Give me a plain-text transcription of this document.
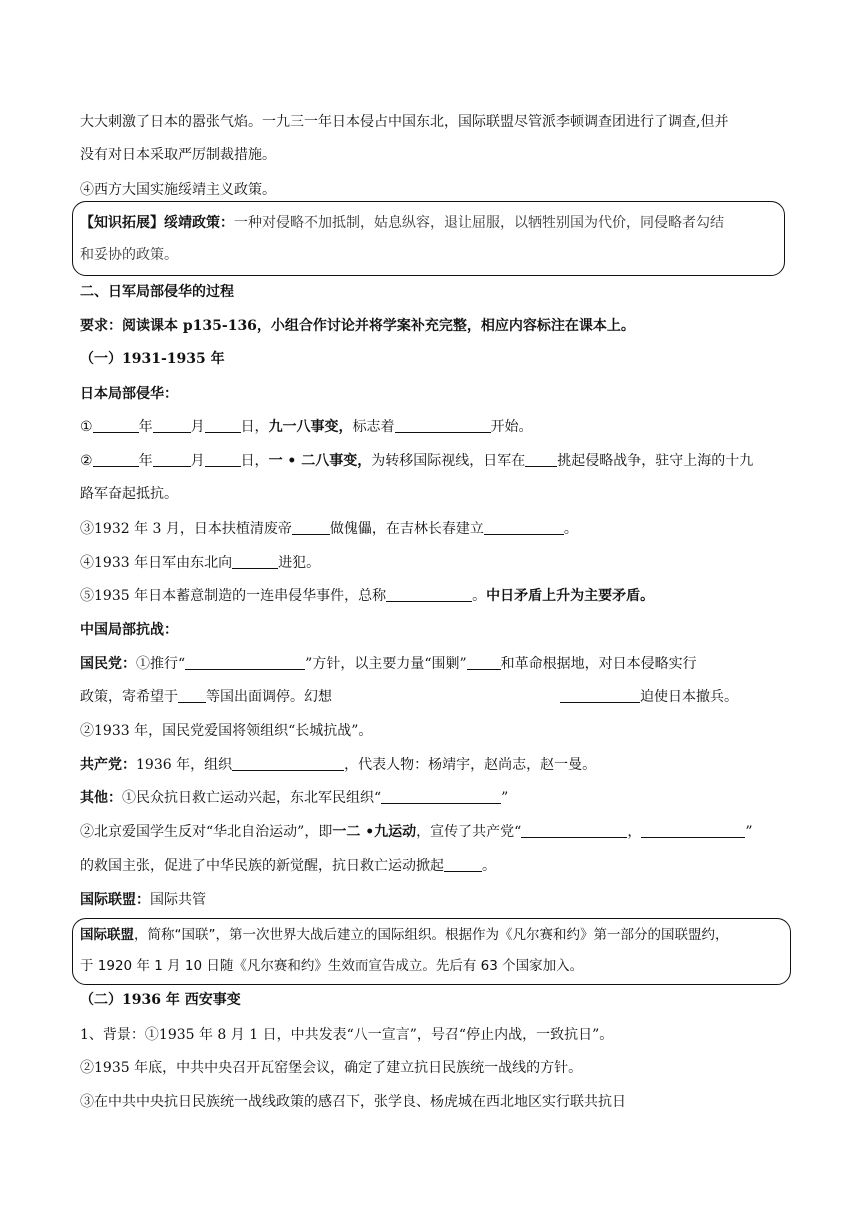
大大刺激了日本的嚣张气焰。一九三一年日本侵占中国东北，国际联盟尽管派李顿调查团进行了调查,但并
没有对日本采取严厉制裁措施。
④西方大国实施绥靖主义政策。
【知识拓展】绥靖政策：一种对侵略不加抵制，姑息纵容，退让屈服，以牺牲别国为代价，同侵略者勾结
和妥协的政策。
二、日军局部侵华的过程
要求：阅读课本 p135-136，小组合作讨论并将学案补充完整，相应内容标注在课本上。
（一）1931-1935 年
日本局部侵华：
①	年	月	日，九一八事变，标志着	开始。
②	年	月	日，一 • 二八事变，为转移国际视线，日军在 挑起侵略战争，驻守上海的十九
路军奋起抵抗。
③1932 年 3 月，日本扶植清废帝	做傀儡，在吉林长春建立	。
④1933 年日军由东北向	进犯。
⑤1935 年日本蓄意制造的一连串侵华事件，总称	。中日矛盾上升为主要矛盾。
中国局部抗战：
国民党：①推行“	”方针，以主要力量“围剿” 和革命根据地，对日本侵略实行
政策，寄希望于 等国出面调停。幻想	迫使日本撤兵。
②1933 年，国民党爱国将领组织“长城抗战”。
共产党：1936 年，组织	，代表人物：杨靖宇，赵尚志，赵一曼。
其他：①民众抗日救亡运动兴起，东北军民组织“	”
②北京爱国学生反对“华北自治运动”，即一二 •九运动，宣传了共产党“	，	”
的救国主张，促进了中华民族的新觉醒，抗日救亡运动掀起	。
国际联盟：国际共管
国际联盟，简称“国联”，第一次世界大战后建立的国际组织。根据作为《凡尔赛和约》第一部分的国联盟约，
于 1920 年 1 月 10 日随《凡尔赛和约》生效而宣告成立。先后有 63 个国家加入。
（二）1936 年 西安事变
1、背景：①1935 年 8 月 1 日，中共发表“八一宣言”，号召“停止内战，一致抗日”。
②1935 年底，中共中央召开瓦窑堡会议，确定了建立抗日民族统一战线的方针。
③在中共中央抗日民族统一战线政策的感召下，张学良、杨虎城在西北地区实行联共抗日
